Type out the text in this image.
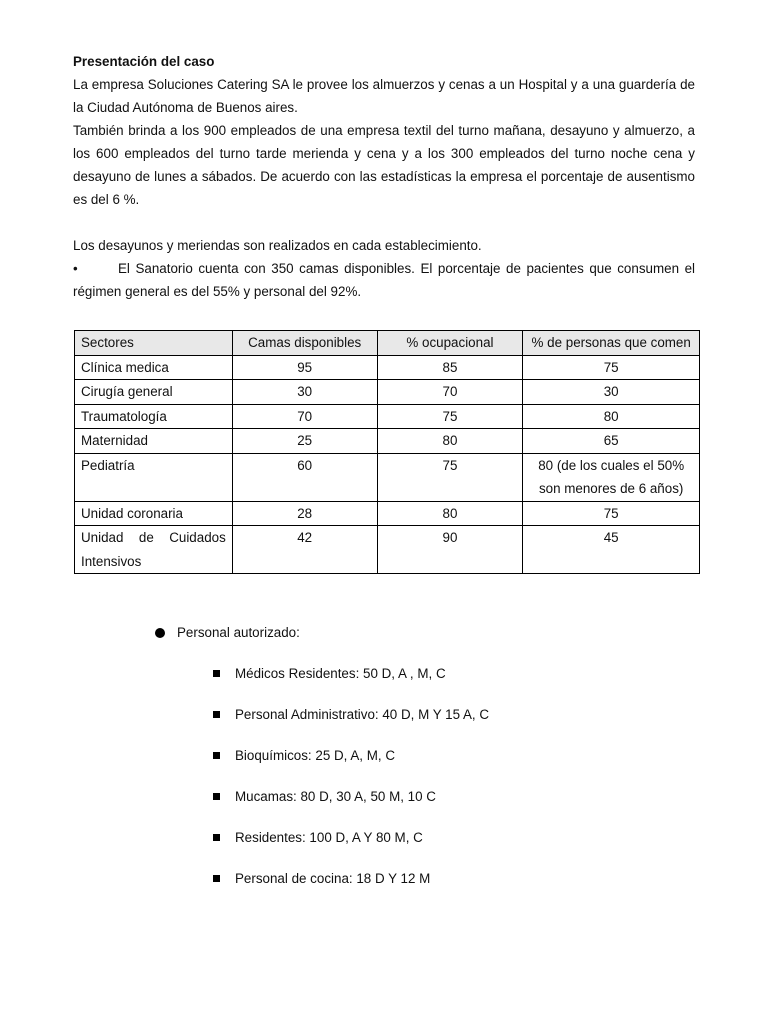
Presentación del caso

La empresa Soluciones Catering SA le provee los almuerzos y cenas a un Hospital y a una guardería de la Ciudad Autónoma de Buenos aires.

También brinda a los 900 empleados de una empresa textil del turno mañana, desayuno y almuerzo, a los 600 empleados del turno tarde merienda y cena y a los 300 empleados del turno noche cena y desayuno de lunes a sábados. De acuerdo con las estadísticas la empresa el porcentaje de ausentismo es del 6 %.

Los desayunos y meriendas son realizados en cada establecimiento.

•	El Sanatorio cuenta con 350 camas disponibles. El porcentaje de pacientes que consumen el régimen general es del 55% y personal del 92%.

Sectores	Camas disponibles	% ocupacional	% de personas que comen
Clínica medica	95	85	75
Cirugía general	30	70	30
Traumatología	70	75	80
Maternidad	25	80	65
Pediatría	60	75	80 (de los cuales el 50% son menores de 6 años)
Unidad coronaria	28	80	75
Unidad de Cuidados Intensivos	42	90	45

Personal autorizado:

Médicos Residentes: 50 D, A , M, C
Personal Administrativo: 40 D, M Y 15 A, C
Bioquímicos: 25 D, A, M, C
Mucamas: 80 D, 30 A, 50 M, 10 C
Residentes: 100 D, A Y 80 M, C
Personal de cocina: 18 D Y 12 M
